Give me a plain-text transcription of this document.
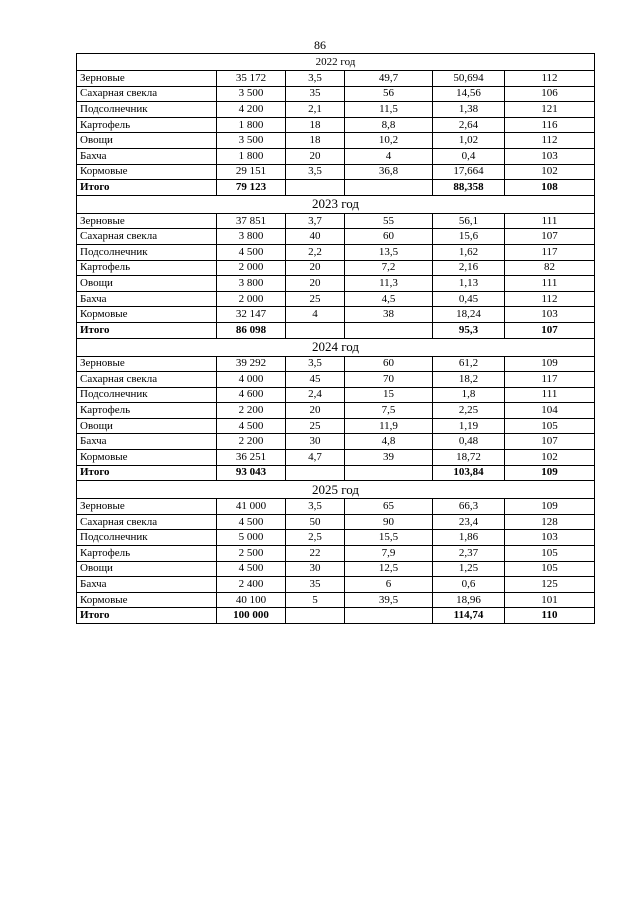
86
2022 год					
Зерновые	35 172	3,5	49,7	50,694	112
Сахарная свекла	3 500	35	56	14,56	106
Подсолнечник	4 200	2,1	11,5	1,38	121
Картофель	1 800	18	8,8	2,64	116
Овощи	3 500	18	10,2	1,02	112
Бахча	1 800	20	4	0,4	103
Кормовые	29 151	3,5	36,8	17,664	102
Итого	79 123			88,358	108
2023 год					
Зерновые	37 851	3,7	55	56,1	111
Сахарная свекла	3 800	40	60	15,6	107
Подсолнечник	4 500	2,2	13,5	1,62	117
Картофель	2 000	20	7,2	2,16	82
Овощи	3 800	20	11,3	1,13	111
Бахча	2 000	25	4,5	0,45	112
Кормовые	32 147	4	38	18,24	103
Итого	86 098			95,3	107
2024 год					
Зерновые	39 292	3,5	60	61,2	109
Сахарная свекла	4 000	45	70	18,2	117
Подсолнечник	4 600	2,4	15	1,8	111
Картофель	2 200	20	7,5	2,25	104
Овощи	4 500	25	11,9	1,19	105
Бахча	2 200	30	4,8	0,48	107
Кормовые	36 251	4,7	39	18,72	102
Итого	93 043			103,84	109
2025 год					
Зерновые	41 000	3,5	65	66,3	109
Сахарная свекла	4 500	50	90	23,4	128
Подсолнечник	5 000	2,5	15,5	1,86	103
Картофель	2 500	22	7,9	2,37	105
Овощи	4 500	30	12,5	1,25	105
Бахча	2 400	35	6	0,6	125
Кормовые	40 100	5	39,5	18,96	101
Итого	100 000			114,74	110
